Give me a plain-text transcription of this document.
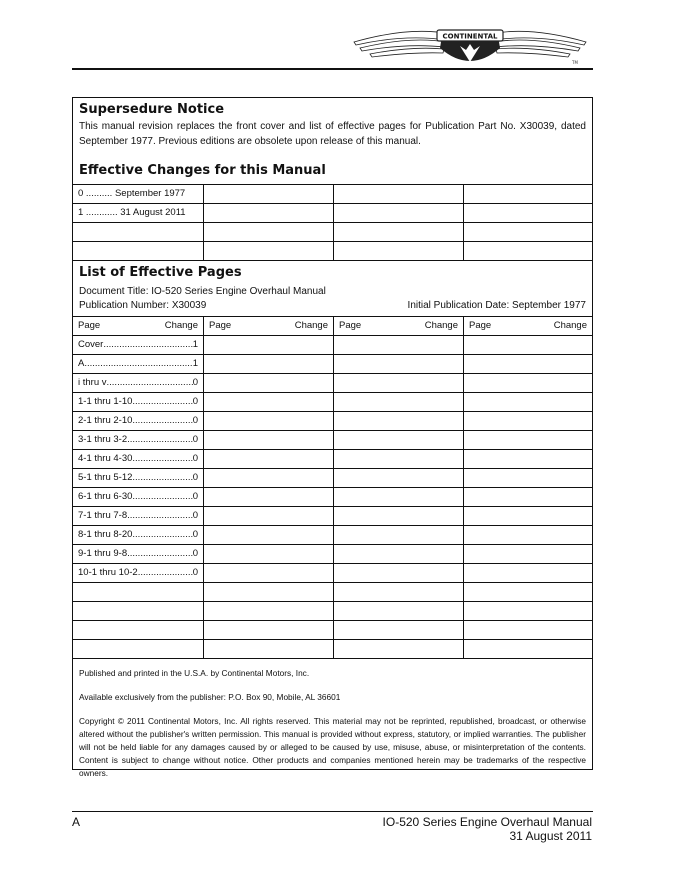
CONTINENTAL
TM
Supersedure Notice
This manual revision replaces the front cover and list of effective pages for Publication Part No. X30039, dated September 1977. Previous editions are obsolete upon release of this manual.
Effective Changes for this Manual
0 .......... September 1977
1 ............ 31 August 2011
List of Effective Pages
Document Title: IO-520 Series Engine Overhaul Manual
Publication Number: X30039	Initial Publication Date: September 1977
Page	Change Page	Change Page	Change Page	Change
Cover .....	1
A .....	1
i thru v .....	0
1-1 thru 1-10 .....	0
2-1 thru 2-10 .....	0
3-1 thru 3-2 .....	0
4-1 thru 4-30 .....	0
5-1 thru 5-12 .....	0
6-1 thru 6-30 .....	0
7-1 thru 7-8 .....	0
8-1 thru 8-20 .....	0
9-1 thru 9-8 .....	0
10-1 thru 10-2 .....	0

Published and printed in the U.S.A. by Continental Motors, Inc.

Available exclusively from the publisher: P.O. Box 90, Mobile, AL 36601

Copyright © 2011 Continental Motors, Inc. All rights reserved. This material may not be reprinted, republished, broadcast, or otherwise altered without the publisher's written permission. This manual is provided without express, statutory, or implied warranties. The publisher will not be held liable for any damages caused by or alleged to be caused by use, misuse, abuse, or misinterpretation of the contents. Content is subject to change without notice. Other products and companies mentioned herein may be trademarks of the respective owners.

A	IO-520 Series Engine Overhaul Manual
31 August 2011
